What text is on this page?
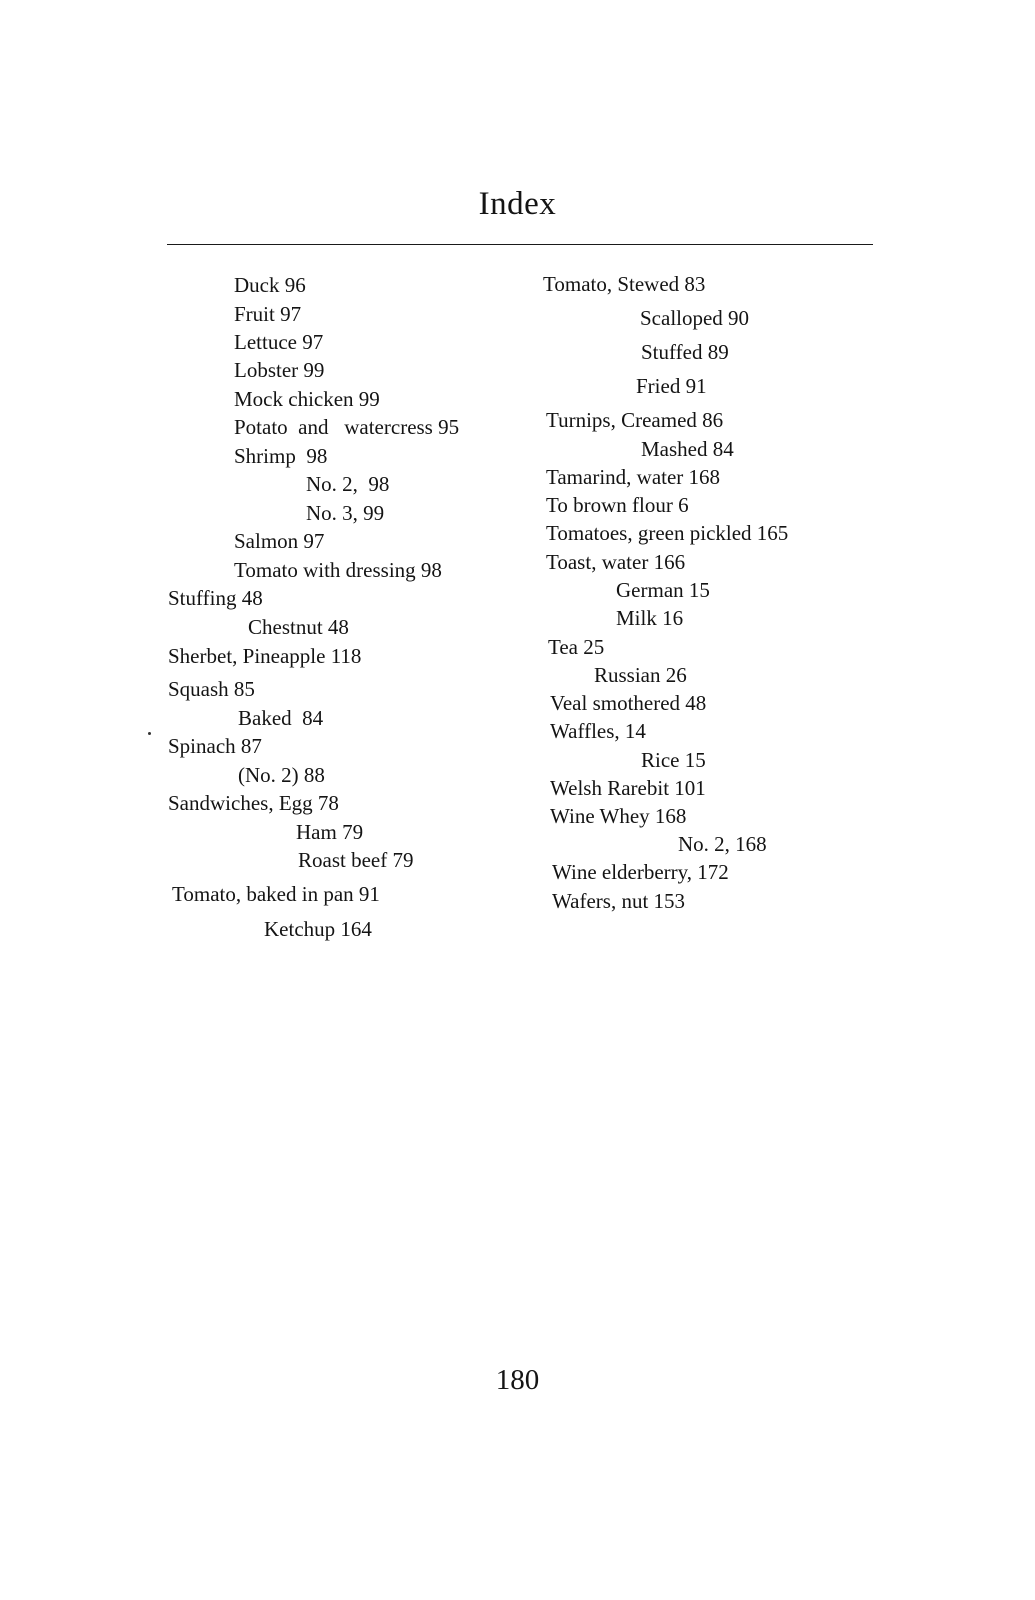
Index
Duck 96
Fruit 97
Lettuce 97
Lobster 99
Mock chicken 99
Potato  and   watercress 95
Shrimp  98
No. 2,  98
No. 3, 99
Salmon 97
Tomato with dressing 98
Stuffing 48
Chestnut 48
Sherbet, Pineapple 118
Squash 85
Baked  84
Spinach 87
(No. 2) 88
Sandwiches, Egg 78
Ham 79
Roast beef 79
Tomato, baked in pan 91
Ketchup 164
Tomato, Stewed 83
Scalloped 90
Stuffed 89
Fried 91
Turnips, Creamed 86
Mashed 84
Tamarind, water 168
To brown flour 6
Tomatoes, green pickled 165
Toast, water 166
German 15
Milk 16
Tea 25
Russian 26
Veal smothered 48
Waffles, 14
Rice 15
Welsh Rarebit 101
Wine Whey 168
No. 2, 168
Wine elderberry, 172
Wafers, nut 153
180
